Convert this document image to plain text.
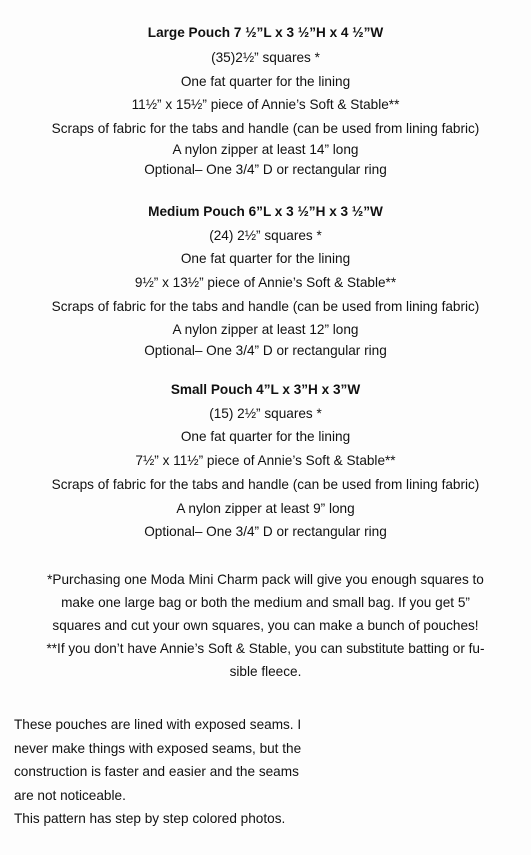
Large Pouch 7 ½”L x 3 ½”H x 4 ½”W
(35)2½” squares *
One fat quarter for the lining
11½” x 15½” piece of Annie’s Soft & Stable**
Scraps of fabric for the tabs and handle (can be used from lining fabric)
A nylon zipper at least 14” long
Optional– One 3/4” D or rectangular ring
Medium Pouch 6”L x 3 ½”H x 3 ½”W
(24) 2½” squares *
One fat quarter for the lining
9½” x 13½” piece of Annie’s Soft & Stable**
Scraps of fabric for the tabs and handle (can be used from lining fabric)
A nylon zipper at least 12” long
Optional– One 3/4” D or rectangular ring
Small Pouch 4”L x 3”H x 3”W
(15) 2½” squares *
One fat quarter for the lining
7½” x 11½” piece of Annie’s Soft & Stable**
Scraps of fabric for the tabs and handle (can be used from lining fabric)
A nylon zipper at least 9” long
Optional– One 3/4” D or rectangular ring
*Purchasing one Moda Mini Charm pack will give you enough squares to
make one large bag or both the medium and small bag. If you get 5”
squares and cut your own squares, you can make a bunch of pouches!
**If you don’t have Annie’s Soft & Stable, you can substitute batting or fu-
sible fleece.
These pouches are lined with exposed seams. I
never make things with exposed seams, but the
construction is faster and easier and the seams
are not noticeable.
This pattern has step by step colored photos.
